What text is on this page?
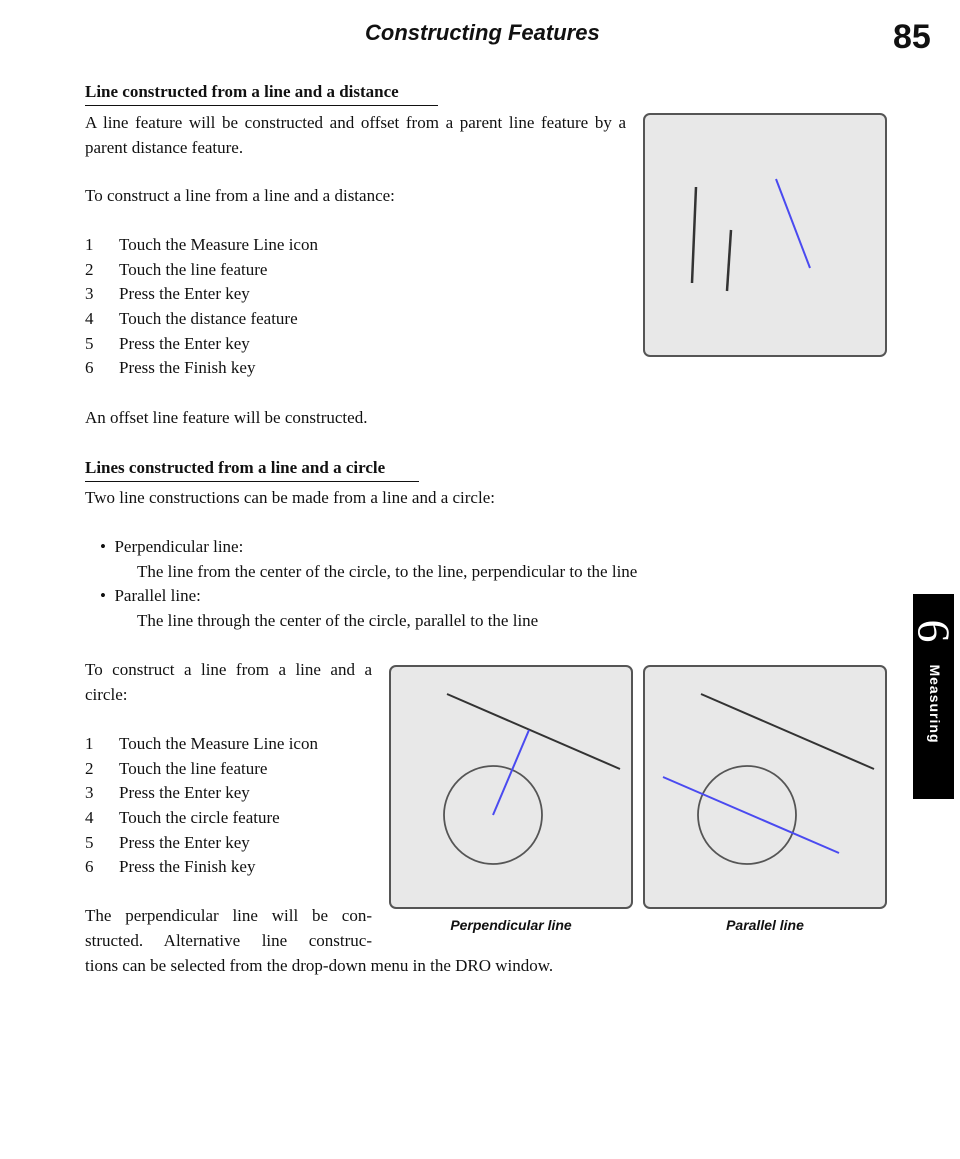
Constructing Features	85
Line constructed from a line and a distance
A line feature will be constructed and offset from a parent line feature by a parent distance feature.
To construct a line from a line and a distance:
1 Touch the Measure Line icon
2 Touch the line feature
3 Press the Enter key
4 Touch the distance feature
5 Press the Enter key
6 Press the Finish key
An offset line feature will be constructed.
Lines constructed from a line and a circle
Two line constructions can be made from a line and a circle:
•  Perpendicular line:
The line from the center of the circle, to the line, perpendicular to the line
•  Parallel line:
The line through the center of the circle, parallel to the line
To construct a line from a line and a circle:
1 Touch the Measure Line icon
2 Touch the line feature
3 Press the Enter key
4 Touch the circle feature
5 Press the Enter key
6 Press the Finish key
The perpendicular line will be con-
structed. Alternative line construc-
tions can be selected from the drop-down menu in the DRO window.
Perpendicular line	Parallel line
6
Measuring
